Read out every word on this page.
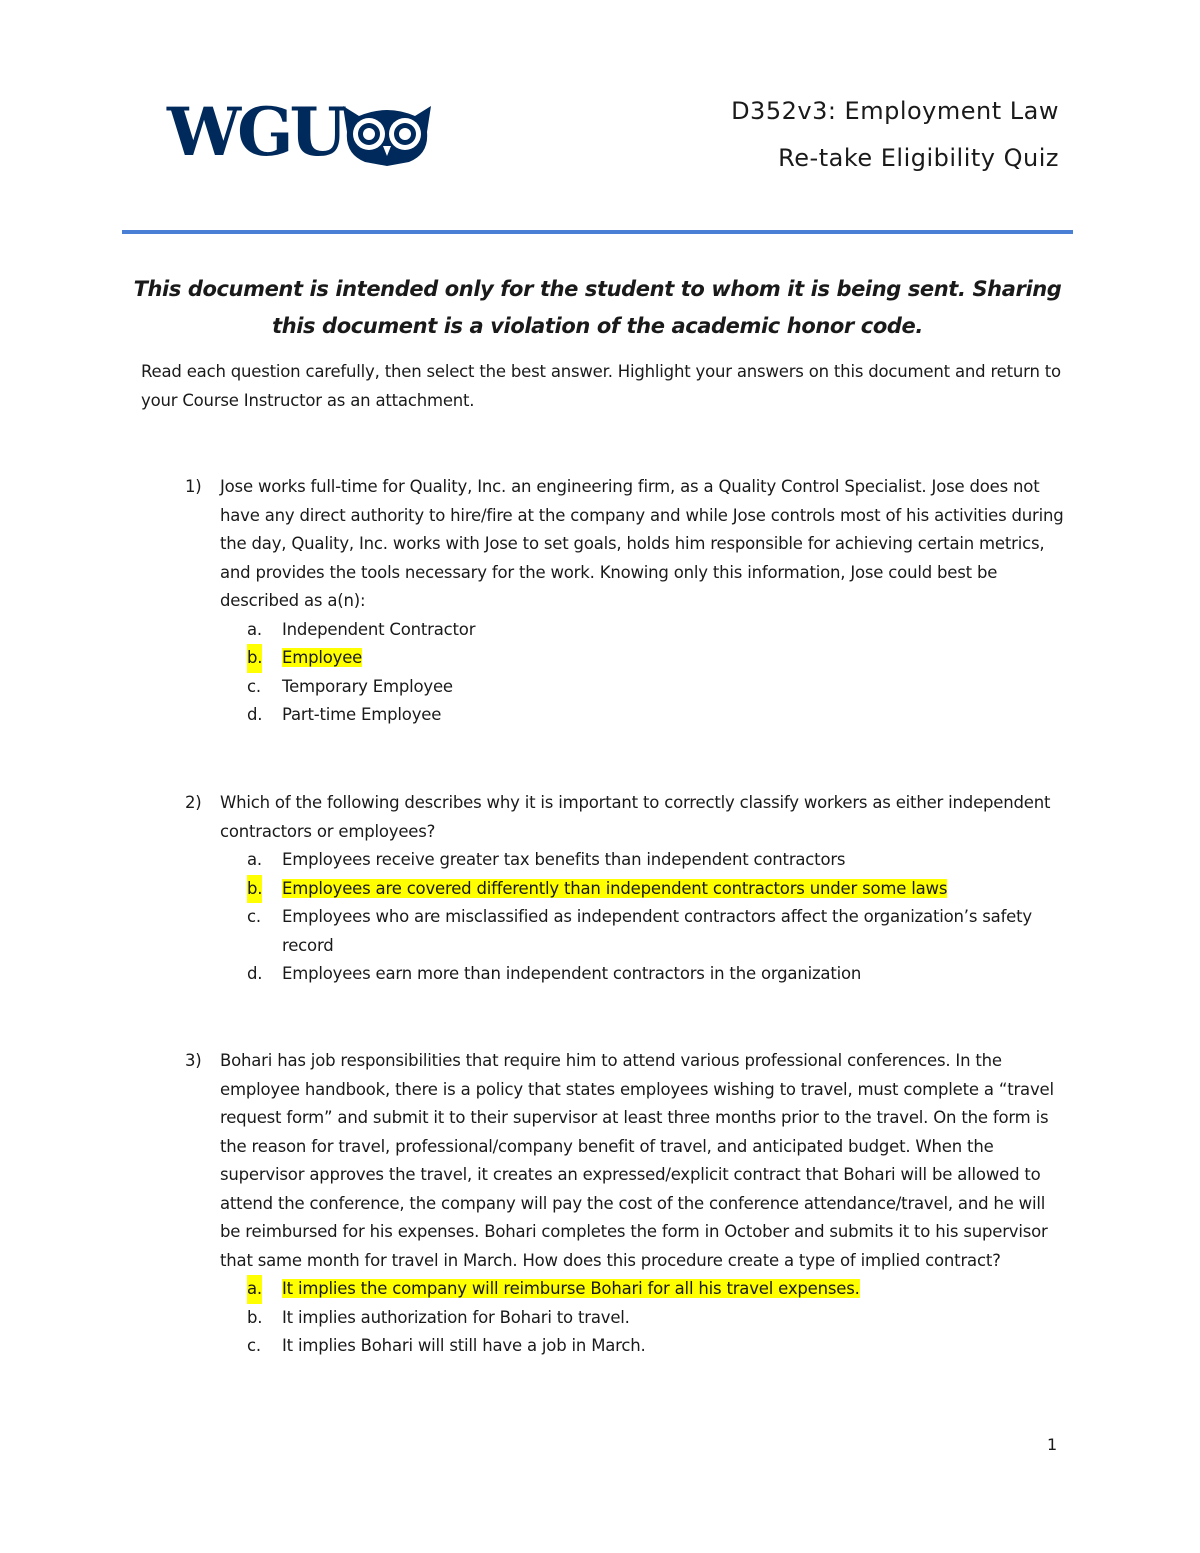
WGU	D352v3: Employment Law
Re-take Eligibility Quiz
This document is intended only for the student to whom it is being sent. Sharing this document is a violation of the academic honor code.
Read each question carefully, then select the best answer. Highlight your answers on this document and return to your Course Instructor as an attachment.
1) Jose works full-time for Quality, Inc. an engineering firm, as a Quality Control Specialist. Jose does not have any direct authority to hire/fire at the company and while Jose controls most of his activities during the day, Quality, Inc. works with Jose to set goals, holds him responsible for achieving certain metrics, and provides the tools necessary for the work. Knowing only this information, Jose could best be described as a(n):
a. Independent Contractor
b. Employee
c. Temporary Employee
d. Part-time Employee
2) Which of the following describes why it is important to correctly classify workers as either independent contractors or employees?
a. Employees receive greater tax benefits than independent contractors
b. Employees are covered differently than independent contractors under some laws
c. Employees who are misclassified as independent contractors affect the organization’s safety record
d. Employees earn more than independent contractors in the organization
3) Bohari has job responsibilities that require him to attend various professional conferences. In the employee handbook, there is a policy that states employees wishing to travel, must complete a “travel request form” and submit it to their supervisor at least three months prior to the travel. On the form is the reason for travel, professional/company benefit of travel, and anticipated budget. When the supervisor approves the travel, it creates an expressed/explicit contract that Bohari will be allowed to attend the conference, the company will pay the cost of the conference attendance/travel, and he will be reimbursed for his expenses. Bohari completes the form in October and submits it to his supervisor that same month for travel in March. How does this procedure create a type of implied contract?
a. It implies the company will reimburse Bohari for all his travel expenses.
b. It implies authorization for Bohari to travel.
c. It implies Bohari will still have a job in March.
1
